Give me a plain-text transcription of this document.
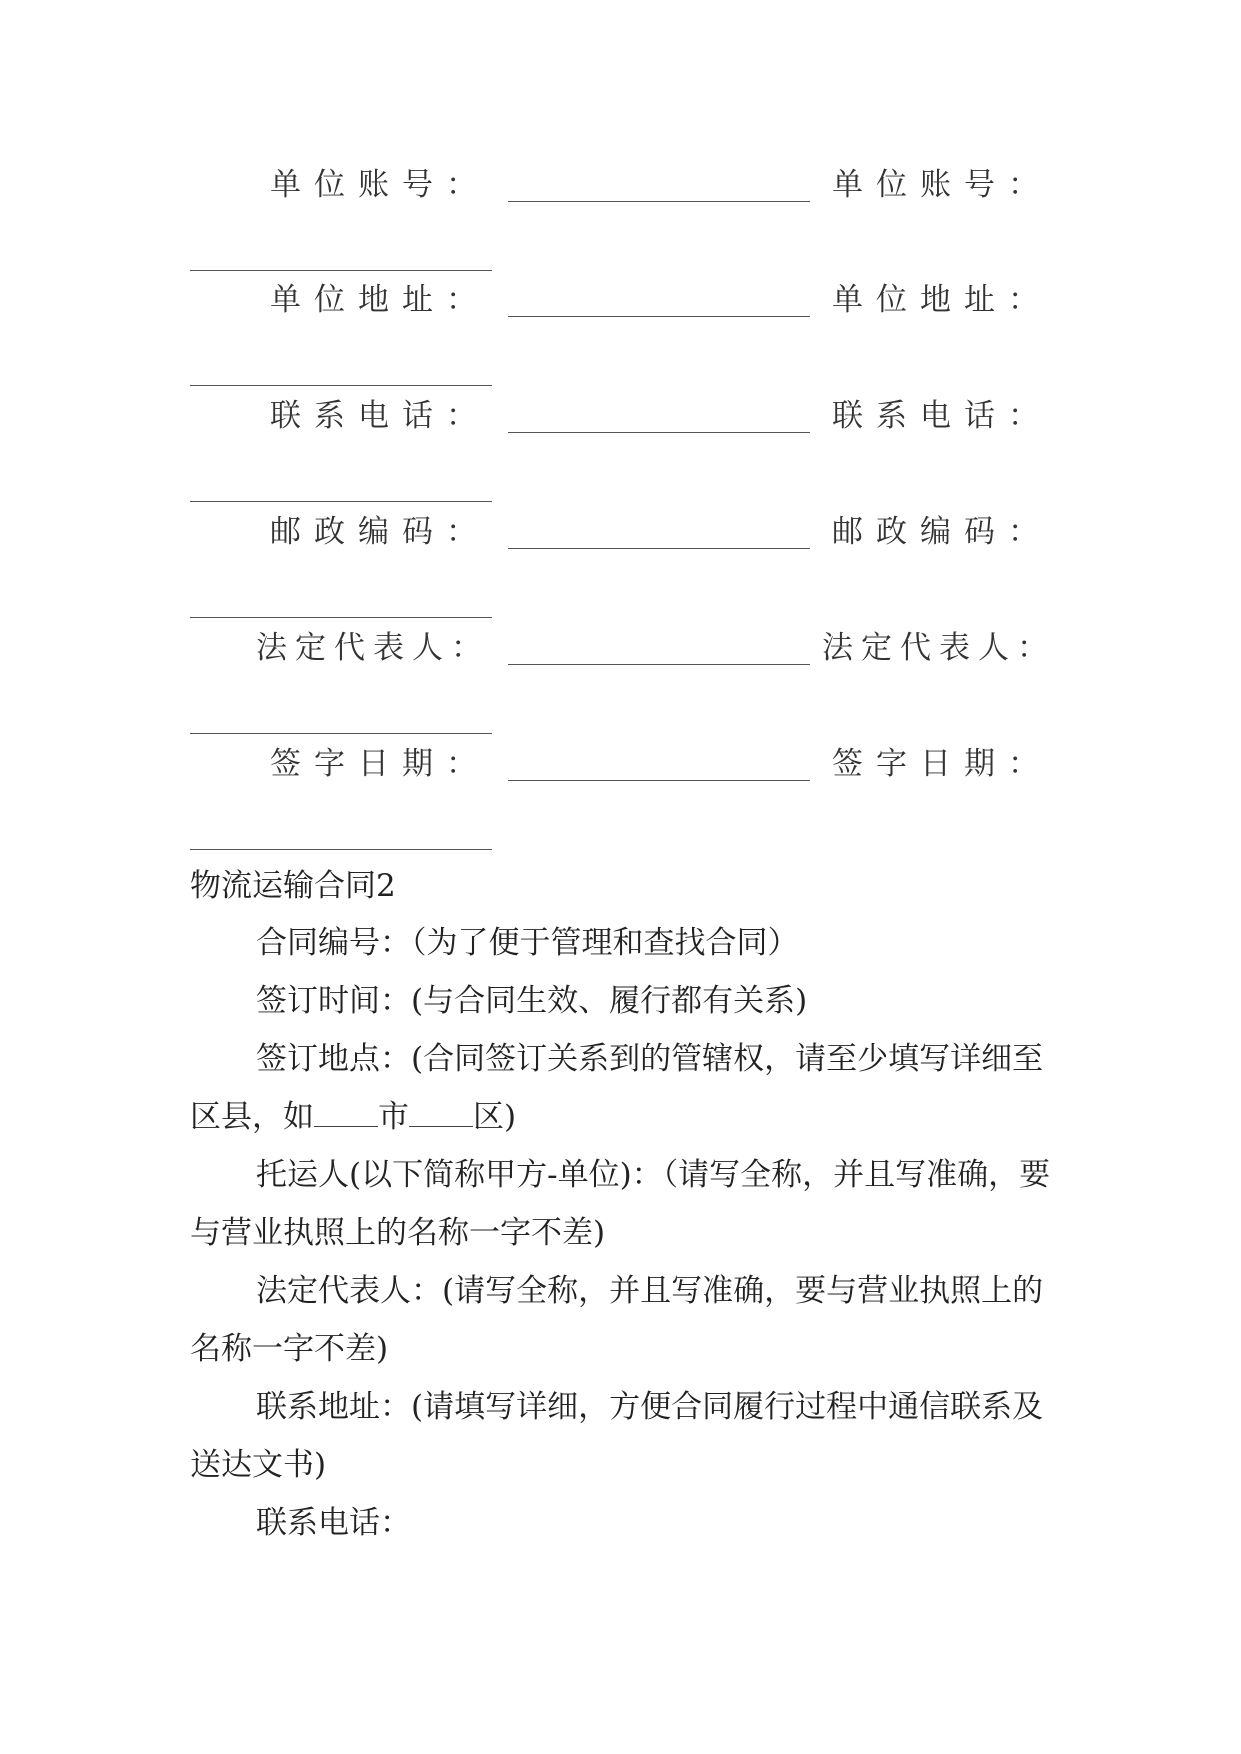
单位账号：	单位账号：
单位地址：	单位地址：
联系电话：	联系电话：
邮政编码：	邮政编码：
法定代表人：	法定代表人：
签字日期：	签字日期：
物流运输合同2

合同编号：（为了便于管理和查找合同）

签订时间：(与合同生效、履行都有关系)

签订地点：(合同签订关系到的管辖权，请至少填写详细至区县，如 市 区)

托运人(以下简称甲方-单位)：（请写全称，并且写准确，要与营业执照上的名称一字不差)

法定代表人：(请写全称，并且写准确，要与营业执照上的名称一字不差)

联系地址：(请填写详细，方便合同履行过程中通信联系及送达文书)

联系电话：
